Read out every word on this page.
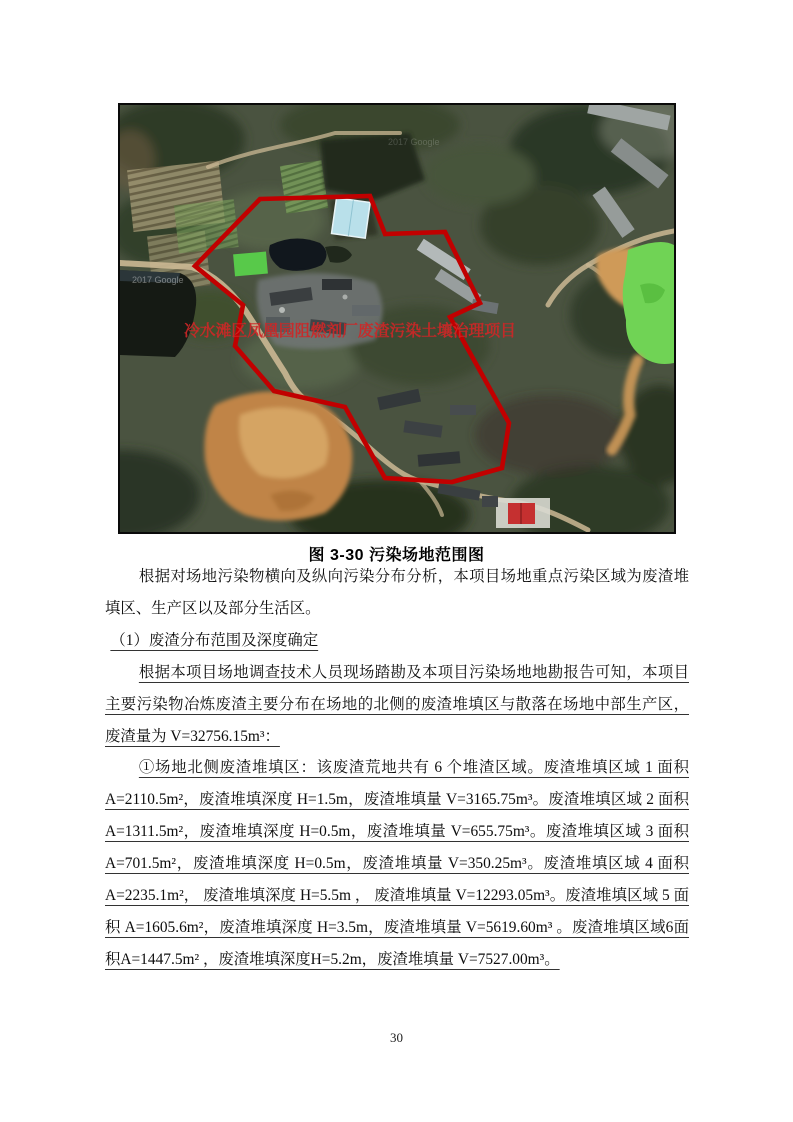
2017 Google
2017 Google
冷水滩区凤凰园阻燃剂厂废渣污染土壤治理项目
图 3-30 污染场地范围图

根据对场地污染物横向及纵向污染分布分析，本项目场地重点污染区域为废渣堆填区、生产区以及部分生活区。

（1）废渣分布范围及深度确定

根据本项目场地调查技术人员现场踏勘及本项目污染场地地勘报告可知，本项目主要污染物冶炼废渣主要分布在场地的北侧的废渣堆填区与散落在场地中部生产区，废渣量为 V=32756.15m³：

①场地北侧废渣堆填区：该废渣荒地共有 6 个堆渣区域。废渣堆填区域 1 面积A=2110.5m²，废渣堆填深度 H=1.5m，废渣堆填量 V=3165.75m³。废渣堆填区域 2 面积 A=1311.5m²，废渣堆填深度 H=0.5m，废渣堆填量 V=655.75m³。废渣堆填区域 3 面积 A=701.5m²，废渣堆填深度 H=0.5m，废渣堆填量 V=350.25m³。废渣堆填区域 4 面积 A=2235.1m²， 废渣堆填深度 H=5.5m ， 废渣堆填量 V=12293.05m³。废渣堆填区域 5 面积 A=1605.6m²，废渣堆填深度 H=3.5m，废渣堆填量 V=5619.60m³ 。废渣堆填区域6面积A=1447.5m² ，废渣堆填深度H=5.2m，废渣堆填量 V=7527.00m³。

30
